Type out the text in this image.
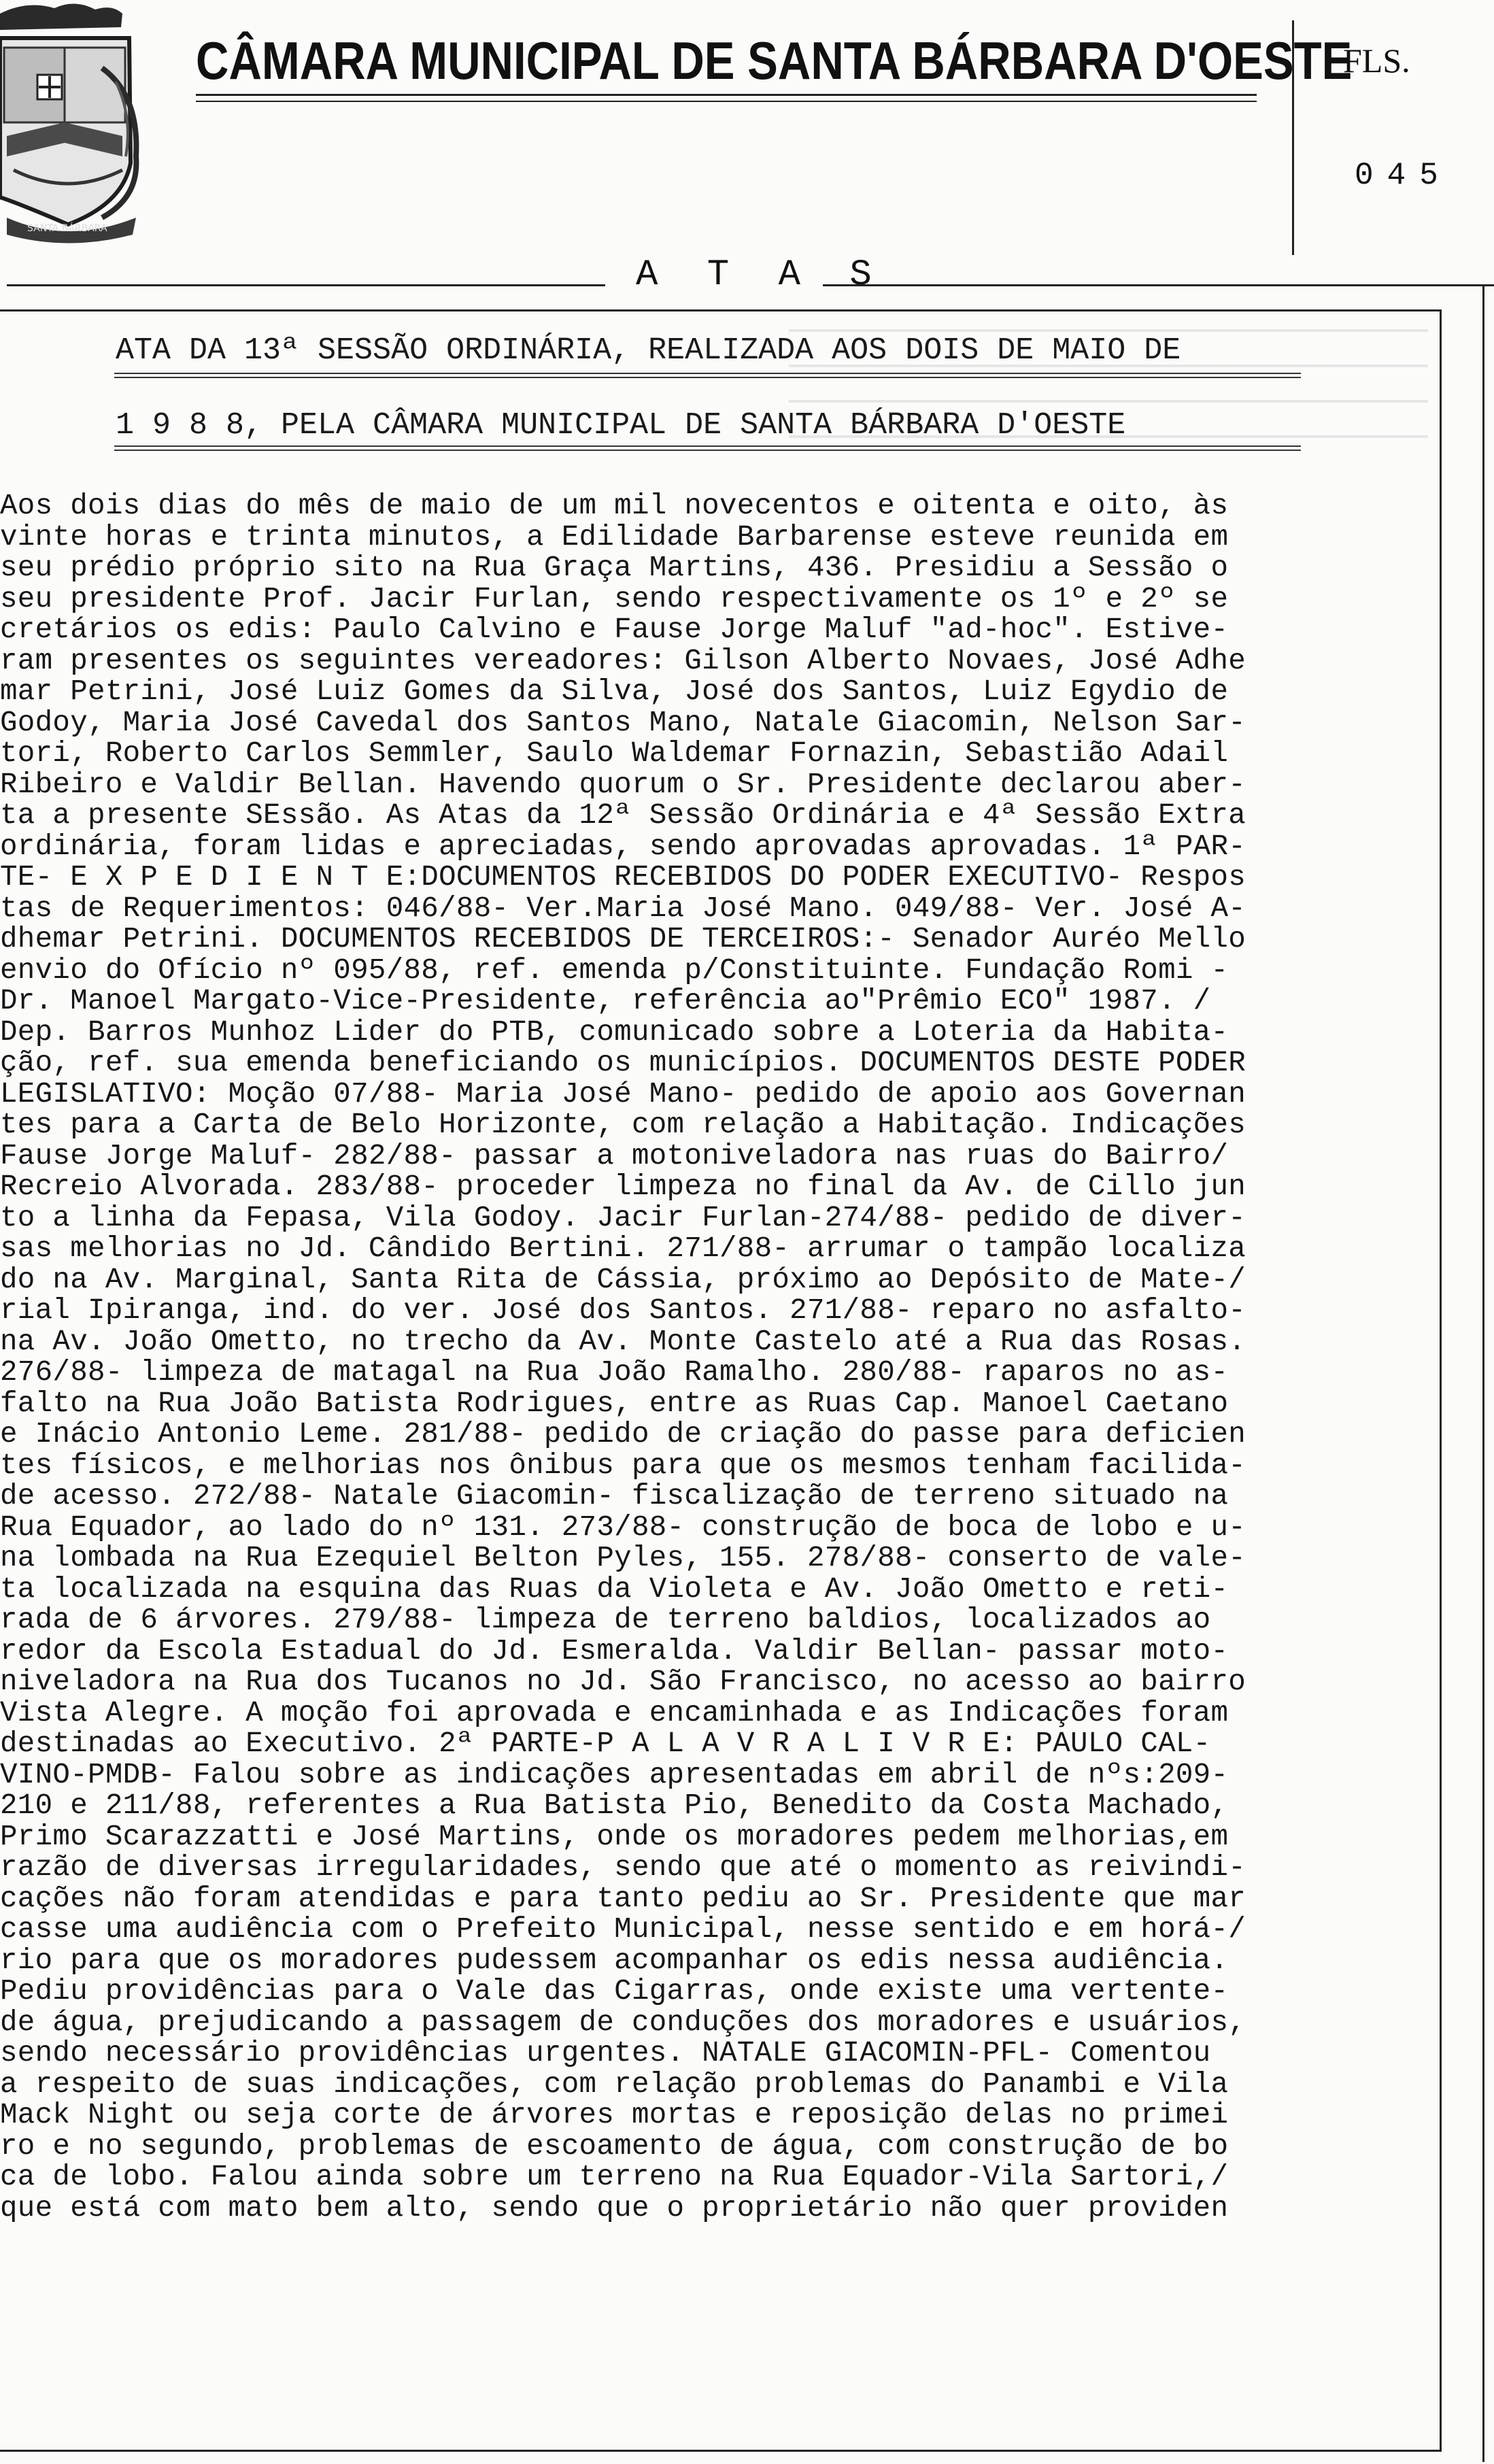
SANTA BÁRBARA
CÂMARA MUNICIPAL DE SANTA BÁRBARA D'OESTE
FLS.
045
A T A S
ATA DA 13ª SESSÃO ORDINÁRIA, REALIZADA AOS DOIS DE MAIO DE
1 9 8 8, PELA CÂMARA MUNICIPAL DE SANTA BÁRBARA D'OESTE
Aos dois dias do mês de maio de um mil novecentos e oitenta e oito, às
vinte horas e trinta minutos, a Edilidade Barbarense esteve reunida em
seu prédio próprio sito na Rua Graça Martins, 436. Presidiu a Sessão o
seu presidente Prof. Jacir Furlan, sendo respectivamente os 1º e 2º se
cretários os edis: Paulo Calvino e Fause Jorge Maluf "ad-hoc". Estive-
ram presentes os seguintes vereadores: Gilson Alberto Novaes, José Adhe
mar Petrini, José Luiz Gomes da Silva, José dos Santos, Luiz Egydio de
Godoy, Maria José Cavedal dos Santos Mano, Natale Giacomin, Nelson Sar-
tori, Roberto Carlos Semmler, Saulo Waldemar Fornazin, Sebastião Adail
Ribeiro e Valdir Bellan. Havendo quorum o Sr. Presidente declarou aber-
ta a presente SEssão. As Atas da 12ª Sessão Ordinária e 4ª Sessão Extra
ordinária, foram lidas e apreciadas, sendo aprovadas aprovadas. 1ª PAR-
TE- E X P E D I E N T E:DOCUMENTOS RECEBIDOS DO PODER EXECUTIVO- Respos
tas de Requerimentos: 046/88- Ver.Maria José Mano. 049/88- Ver. José A-
dhemar Petrini. DOCUMENTOS RECEBIDOS DE TERCEIROS:- Senador Auréo Mello
envio do Ofício nº 095/88, ref. emenda p/Constituinte. Fundação Romi -
Dr. Manoel Margato-Vice-Presidente, referência ao"Prêmio ECO" 1987. /
Dep. Barros Munhoz Lider do PTB, comunicado sobre a Loteria da Habita-
ção, ref. sua emenda beneficiando os municípios. DOCUMENTOS DESTE PODER
LEGISLATIVO: Moção 07/88- Maria José Mano- pedido de apoio aos Governan
tes para a Carta de Belo Horizonte, com relação a Habitação. Indicações
Fause Jorge Maluf- 282/88- passar a motoniveladora nas ruas do Bairro/
Recreio Alvorada. 283/88- proceder limpeza no final da Av. de Cillo jun
to a linha da Fepasa, Vila Godoy. Jacir Furlan-274/88- pedido de diver-
sas melhorias no Jd. Cândido Bertini. 271/88- arrumar o tampão localiza
do na Av. Marginal, Santa Rita de Cássia, próximo ao Depósito de Mate-/
rial Ipiranga, ind. do ver. José dos Santos. 271/88- reparo no asfalto-
na Av. João Ometto, no trecho da Av. Monte Castelo até a Rua das Rosas.
276/88- limpeza de matagal na Rua João Ramalho. 280/88- raparos no as-
falto na Rua João Batista Rodrigues, entre as Ruas Cap. Manoel Caetano
e Inácio Antonio Leme. 281/88- pedido de criação do passe para deficien
tes físicos, e melhorias nos ônibus para que os mesmos tenham facilida-
de acesso. 272/88- Natale Giacomin- fiscalização de terreno situado na
Rua Equador, ao lado do nº 131. 273/88- construção de boca de lobo e u-
na lombada na Rua Ezequiel Belton Pyles, 155. 278/88- conserto de vale-
ta localizada na esquina das Ruas da Violeta e Av. João Ometto e reti-
rada de 6 árvores. 279/88- limpeza de terreno baldios, localizados ao
redor da Escola Estadual do Jd. Esmeralda. Valdir Bellan- passar moto-
niveladora na Rua dos Tucanos no Jd. São Francisco, no acesso ao bairro
Vista Alegre. A moção foi aprovada e encaminhada e as Indicações foram
destinadas ao Executivo. 2ª PARTE-P A L A V R A L I V R E: PAULO CAL-
VINO-PMDB- Falou sobre as indicações apresentadas em abril de nºs:209-
210 e 211/88, referentes a Rua Batista Pio, Benedito da Costa Machado,
Primo Scarazzatti e José Martins, onde os moradores pedem melhorias,em
razão de diversas irregularidades, sendo que até o momento as reivindi-
cações não foram atendidas e para tanto pediu ao Sr. Presidente que mar
casse uma audiência com o Prefeito Municipal, nesse sentido e em horá-/
rio para que os moradores pudessem acompanhar os edis nessa audiência.
Pediu providências para o Vale das Cigarras, onde existe uma vertente-
de água, prejudicando a passagem de conduções dos moradores e usuários,
sendo necessário providências urgentes. NATALE GIACOMIN-PFL- Comentou
a respeito de suas indicações, com relação problemas do Panambi e Vila
Mack Night ou seja corte de árvores mortas e reposição delas no primei
ro e no segundo, problemas de escoamento de água, com construção de bo
ca de lobo. Falou ainda sobre um terreno na Rua Equador-Vila Sartori,/
que está com mato bem alto, sendo que o proprietário não quer providen
